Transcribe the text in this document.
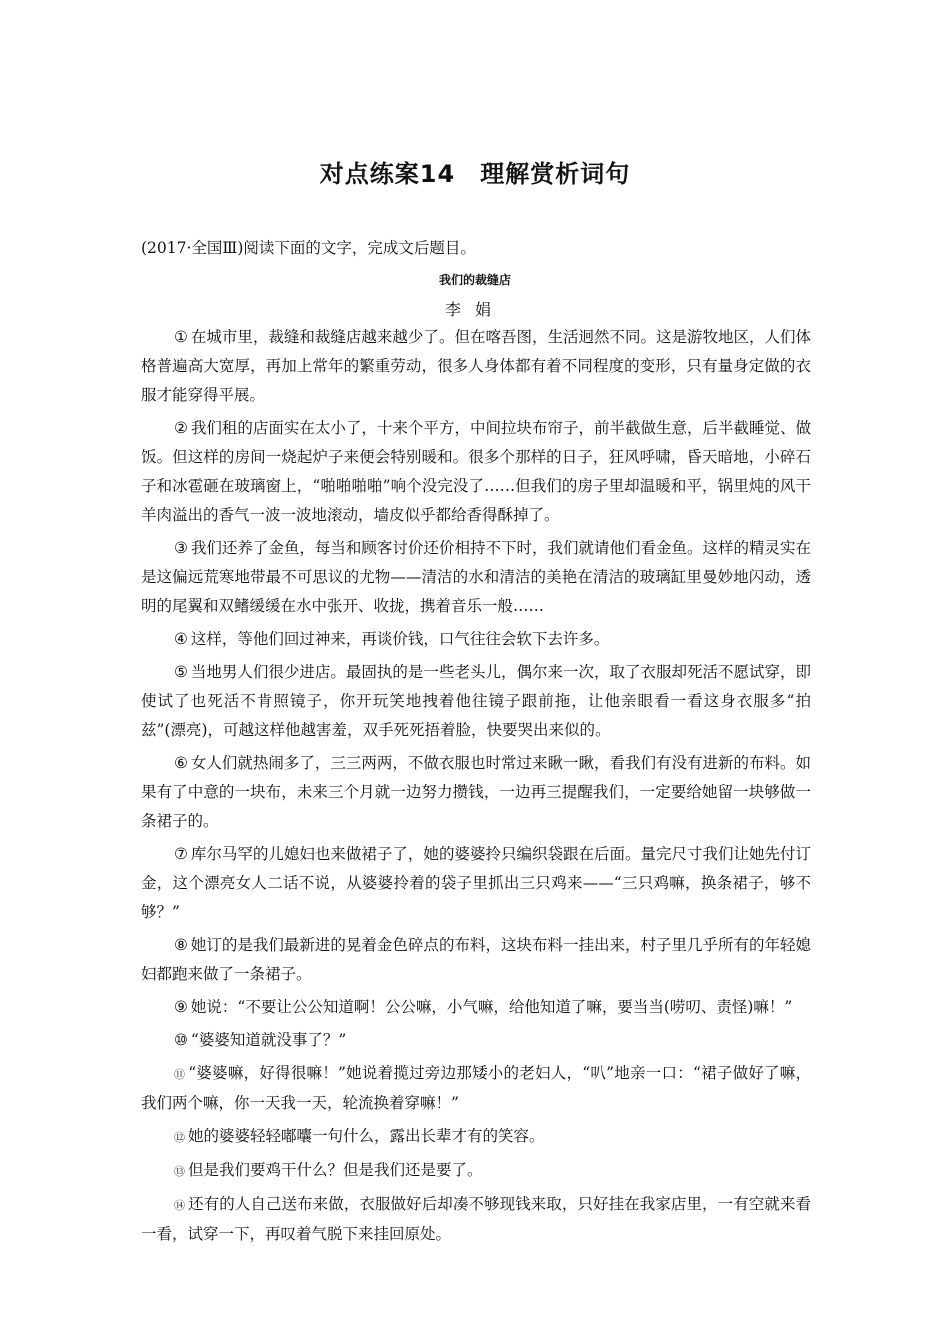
对点练案14　理解赏析词句
(2017·全国Ⅲ)阅读下面的文字，完成文后题目。
我们的裁缝店
李娟

① 在城市里，裁缝和裁缝店越来越少了。但在喀吾图，生活迥然不同。这是游牧地区，人们体格普遍高大宽厚，再加上常年的繁重劳动，很多人身体都有着不同程度的变形，只有量身定做的衣服才能穿得平展。

② 我们租的店面实在太小了，十来个平方，中间拉块布帘子，前半截做生意，后半截睡觉、做饭。但这样的房间一烧起炉子来便会特别暖和。很多个那样的日子，狂风呼啸，昏天暗地，小碎石子和冰雹砸在玻璃窗上，“啪啪啪啪”响个没完没了……但我们的房子里却温暖和平，锅里炖的风干羊肉溢出的香气一波一波地滚动，墙皮似乎都给香得酥掉了。

③ 我们还养了金鱼，每当和顾客讨价还价相持不下时，我们就请他们看金鱼。这样的精灵实在是这偏远荒寒地带最不可思议的尤物——清洁的水和清洁的美艳在清洁的玻璃缸里曼妙地闪动，透明的尾翼和双鳍缓缓在水中张开、收拢，携着音乐一般……

④ 这样，等他们回过神来，再谈价钱，口气往往会软下去许多。

⑤ 当地男人们很少进店。最固执的是一些老头儿，偶尔来一次，取了衣服却死活不愿试穿，即使试了也死活不肯照镜子，你开玩笑地拽着他往镜子跟前拖，让他亲眼看一看这身衣服多“拍兹”(漂亮)，可越这样他越害羞，双手死死捂着脸，快要哭出来似的。

⑥ 女人们就热闹多了，三三两两，不做衣服也时常过来瞅一瞅，看我们有没有进新的布料。如果有了中意的一块布，未来三个月就一边努力攒钱，一边再三提醒我们，一定要给她留一块够做一条裙子的。

⑦ 库尔马罕的儿媳妇也来做裙子了，她的婆婆拎只编织袋跟在后面。量完尺寸我们让她先付订金，这个漂亮女人二话不说，从婆婆拎着的袋子里抓出三只鸡来——“三只鸡嘛，换条裙子，够不够？”

⑧ 她订的是我们最新进的晃着金色碎点的布料，这块布料一挂出来，村子里几乎所有的年轻媳妇都跑来做了一条裙子。

⑨ 她说：“不要让公公知道啊！公公嘛，小气嘛，给他知道了嘛，要当当(唠叨、责怪)嘛！”

⑩ “婆婆知道就没事了？”

⑪ “婆婆嘛，好得很嘛！”她说着揽过旁边那矮小的老妇人，“叭”地亲一口：“裙子做好了嘛，我们两个嘛，你一天我一天，轮流换着穿嘛！”

⑫ 她的婆婆轻轻嘟囔一句什么，露出长辈才有的笑容。

⑬ 但是我们要鸡干什么？但是我们还是要了。

⑭ 还有的人自己送布来做，衣服做好后却凑不够现钱来取，只好挂在我家店里，一有空就来看一看，试穿一下，再叹着气脱下来挂回原处。
